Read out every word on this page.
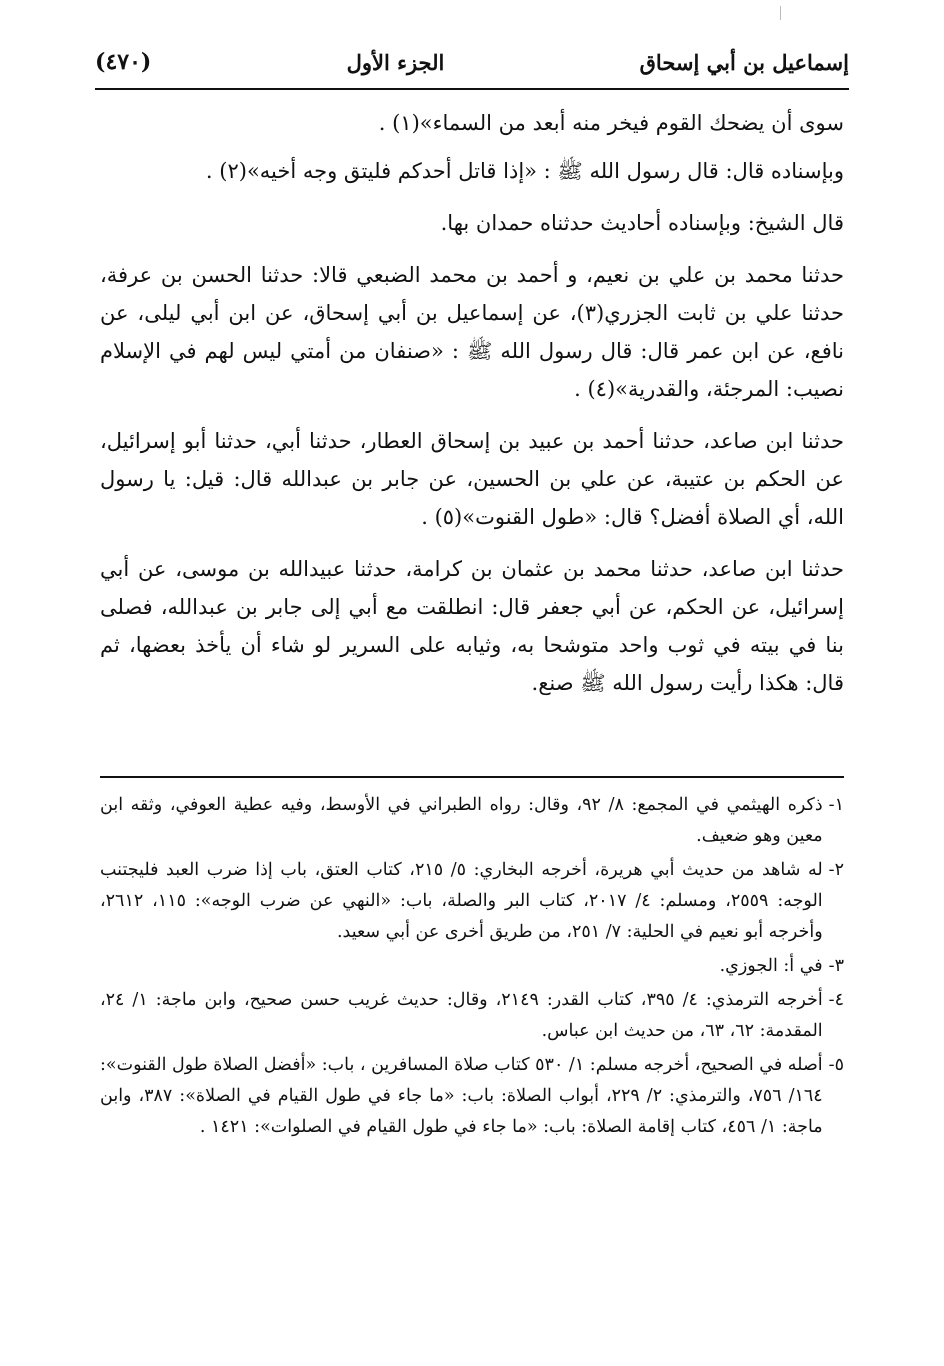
(٤٧٠)	الجزء الأول	إسماعيل بن أبي إسحاق

سوى أن يضحك القوم فيخر منه أبعد من السماء»(١) .

وبإسناده قال: قال رسول الله ﷺ : «إذا قاتل أحدكم فليتق وجه أخيه»(٢) .

قال الشيخ: وبإسناده أحاديث حدثناه حمدان بها.

حدثنا محمد بن علي بن نعيم، و أحمد بن محمد الضبعي قالا: حدثنا الحسن بن عرفة، حدثنا علي بن ثابت الجزري(٣)، عن إسماعيل بن أبي إسحاق، عن ابن أبي ليلى، عن نافع، عن ابن عمر قال: قال رسول الله ﷺ : «صنفان من أمتي ليس لهم في الإسلام نصيب: المرجئة، والقدرية»(٤) .

حدثنا ابن صاعد، حدثنا أحمد بن عبيد بن إسحاق العطار، حدثنا أبي، حدثنا أبو إسرائيل، عن الحكم بن عتيبة، عن علي بن الحسين، عن جابر بن عبدالله قال: قيل: يا رسول الله، أي الصلاة أفضل؟ قال: «طول القنوت»(٥) .

حدثنا ابن صاعد، حدثنا محمد بن عثمان بن كرامة، حدثنا عبيدالله بن موسى، عن أبي إسرائيل، عن الحكم، عن أبي جعفر قال: انطلقت مع أبي إلى جابر بن عبدالله، فصلى بنا في بيته في ثوب واحد متوشحا به، وثيابه على السرير لو شاء أن يأخذ بعضها، ثم قال: هكذا رأيت رسول الله ﷺ صنع.

١-
ذكره الهيثمي في المجمع: ٨/ ٩٢، وقال: رواه الطبراني في الأوسط، وفيه عطية العوفي، وثقه ابن معين وهو ضعيف.
٢-
له شاهد من حديث أبي هريرة، أخرجه البخاري: ٥/ ٢١٥، كتاب العتق، باب إذا ضرب العبد فليجتنب الوجه: ٢٥٥٩، ومسلم: ٤/ ٢٠١٧، كتاب البر والصلة، باب: «النهي عن ضرب الوجه»: ١١٥، ٢٦١٢، وأخرجه أبو نعيم في الحلية: ٧/ ٢٥١، من طريق أخرى عن أبي سعيد.
٣-
في أ: الجوزي.
٤-
أخرجه الترمذي: ٤/ ٣٩٥، كتاب القدر: ٢١٤٩، وقال: حديث غريب حسن صحيح، وابن ماجة: ١/ ٢٤، المقدمة: ٦٢، ٦٣، من حديث ابن عباس.
٥-
أصله في الصحيح، أخرجه مسلم: ١/ ٥٣٠ كتاب صلاة المسافرين ، باب: «أفضل الصلاة طول القنوت»: ١٦٤/ ٧٥٦، والترمذي: ٢/ ٢٢٩، أبواب الصلاة: باب: «ما جاء في طول القيام في الصلاة»: ٣٨٧، وابن ماجة: ١/ ٤٥٦، كتاب إقامة الصلاة: باب: «ما جاء في طول القيام في الصلوات»: ١٤٢١ .
